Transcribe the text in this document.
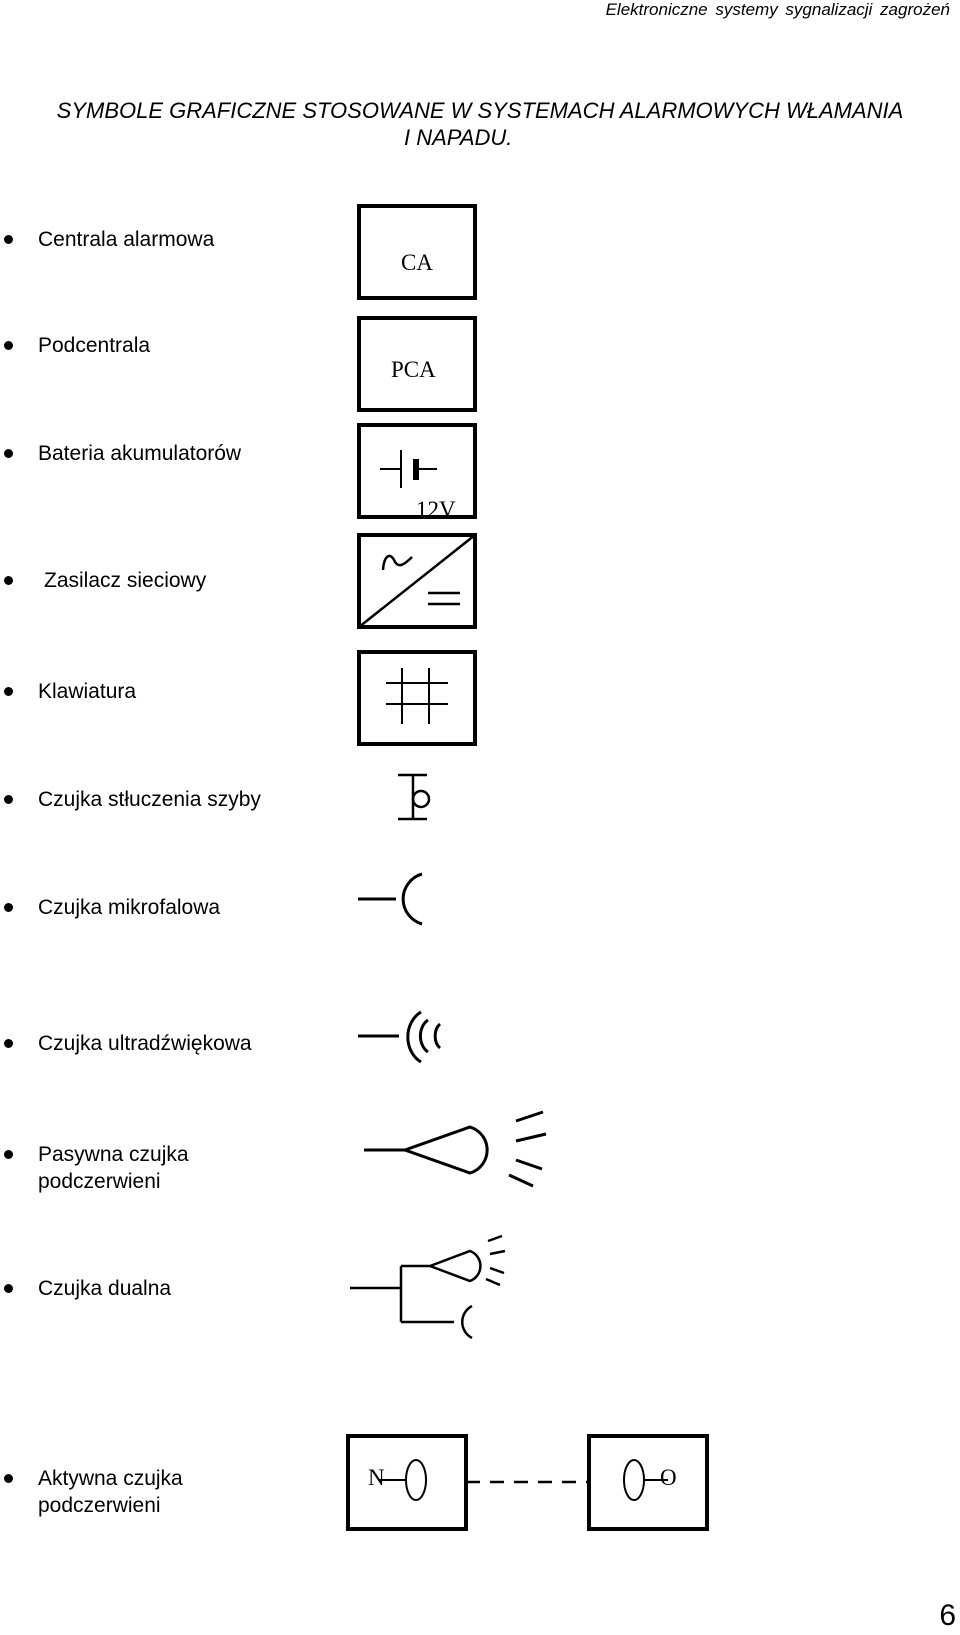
Elektroniczne systemy sygnalizacji zagrożeń
SYMBOLE GRAFICZNE STOSOWANE W SYSTEMACH ALARMOWYCH WŁAMANIA
I NAPADU.
Centrala alarmowa
Podcentrala
Bateria akumulatorów
Zasilacz sieciowy
Klawiatura
Czujka stłuczenia szyby
Czujka mikrofalowa
Czujka ultradźwiękowa
Pasywna czujka
podczerwieni
Czujka dualna
Aktywna czujka
podczerwieni
CA
PCA
12V
N	O
6
